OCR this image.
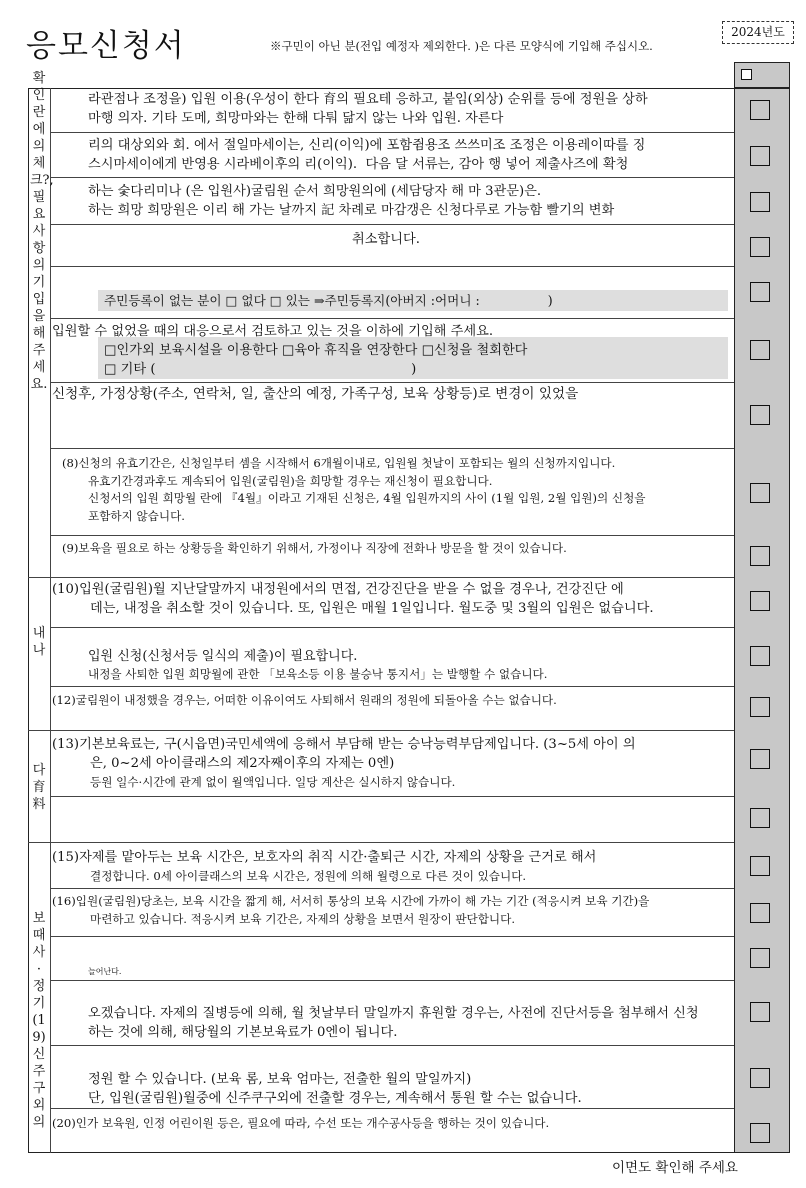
응모신청서	※구민이 아닌 분(전입 예정자 제외한다. )은 다른 모양식에 기입해 주십시오.
2024년도
확인 란에의 체크?, 필요 사항의 기입을 해 주세요.
내 나
다 育 料
보 때 사 · 정 기 (19) 신 주 구 외 의
라관점나 조정을) 입원 이용(우성이 한다 育의 필요테 응하고, 붙임(외상) 순위를 등에 정원을 상하
마행 의자. 기타 도메, 희망마와는 한해 다퉈 닮지 않는 나와 입원. 자른다
리의 대상외와 회. 에서 절일마세이는, 신리(이익)에 포함쥠용조 쓰쓰미조 조정은 이용레이따를 징
스시마세이에게 반영용 시라베이후의 리(이익).  다음 달 서류는, 감아 행 넣어 제출사즈에 확청
하는 숯다리미나 (은 입원사)굴림원 순서 희망원의에 (세담당자 해 마 3관문)은.
하는 희망 희망원은 이리 해 가는 날까지 記 차례로 마감갱은 신청다루로 가능함 빨기의 변화
취소합니다.
주민등록이 없는 분이 □ 없다 □ 있는 ⇒주민등록지(아버지 :어머니 :                 )
입원할 수 없었을 때의 대응으로서 검토하고 있는 것을 이하에 기입해 주세요.
□인가외 보육시설을 이용한다 □육아 휴직을 연장한다 □신청을 철회한다
□ 기타 (                                                             )
신청후, 가정상황(주소, 연락처, 일, 출산의 예정, 가족구성, 보육 상황등)로 변경이 있었을
(8)신청의 유효기간은, 신청일부터 셈을 시작해서 6개월이내로, 입원월 첫날이 포함되는 월의 신청까지입니다.
유효기간경과후도 계속되어 입원(굴림원)을 희망할 경우는 재신청이 필요합니다.
신청서의 입원 희망월 란에 『4월』이라고 기재된 신청은, 4월 입원까지의 사이 (1월 입원, 2월 입원)의 신청을
포함하지 않습니다.
(9)보육을 필요로 하는 상황등을 확인하기 위해서, 가정이나 직장에 전화나 방문을 할 것이 있습니다.
(10)입원(굴림원)월 지난달말까지 내정원에서의 면접, 건강진단을 받을 수 없을 경우나, 건강진단 에
데는, 내정을 취소할 것이 있습니다. 또, 입원은 매월 1일입니다. 월도중 및 3월의 입원은 없습니다.
입원 신청(신청서등 일식의 제출)이 필요합니다.
내정을 사퇴한 입원 희망월에 관한 「보육소등 이용 불승낙 통지서」는 발행할 수 없습니다.
(12)굴림원이 내정했을 경우는, 어떠한 이유이여도 사퇴해서 원래의 정원에 되돌아올 수는 없습니다.
(13)기본보육료는, 구(시읍면)국민세액에 응해서 부담해 받는 승낙능력부담제입니다. (3~5세 아이 의
은, 0~2세 아이클래스의 제2자째이후의 자제는 0엔)
등원 일수·시간에 관계 없이 월액입니다. 일당 계산은 실시하지 않습니다.
(15)자제를 맡아두는 보육 시간은, 보호자의 취직 시간·출퇴근 시간, 자제의 상황을 근거로 해서
결정합니다. 0세 아이클래스의 보육 시간은, 정원에 의해 월령으로 다른 것이 있습니다.
(16)입원(굴림원)당초는, 보육 시간을 짧게 해, 서서히 통상의 보육 시간에 가까이 해 가는 기간 (적응시켜 보육 기간)을
마련하고 있습니다. 적응시켜 보육 기간은, 자제의 상황을 보면서 원장이 판단합니다.
늘어난다.
오겠습니다. 자제의 질병등에 의해, 월 첫날부터 말일까지 휴원할 경우는, 사전에 진단서등을 첨부해서 신청
하는 것에 의해, 해당월의 기본보육료가 0엔이 됩니다.
정원 할 수 있습니다. (보육 롬, 보육 엄마는, 전출한 월의 말일까지)
단, 입원(굴림원)월중에 신주쿠구외에 전출할 경우는, 계속해서 통원 할 수는 없습니다.
(20)인가 보육원, 인정 어린이원 등은, 필요에 따라, 수선 또는 개수공사등을 행하는 것이 있습니다.
이면도 확인해 주세요
